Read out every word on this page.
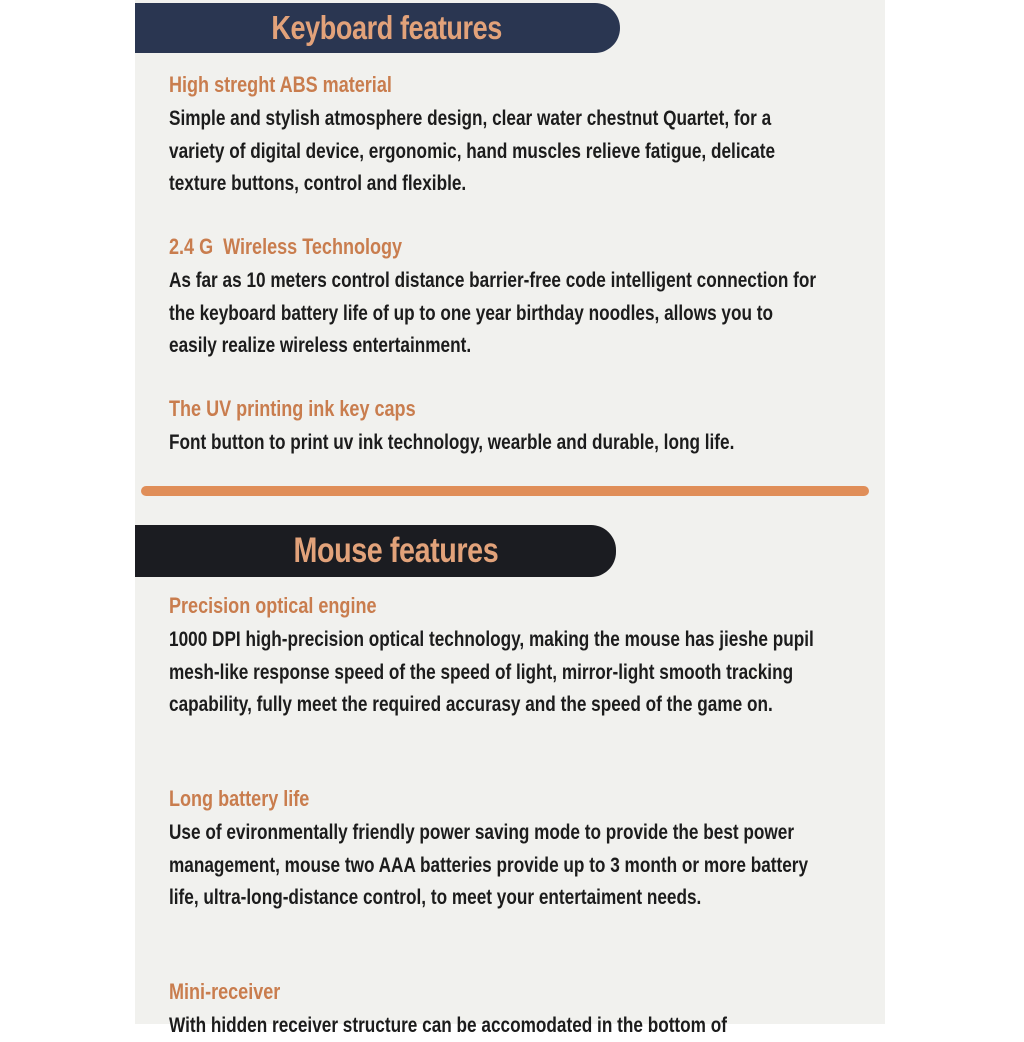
Keyboard features
High streght ABS material
Simple and stylish atmosphere design, clear water chestnut Quartet, for a variety of digital device, ergonomic, hand muscles relieve fatigue, delicate texture buttons, control and flexible.
2.4 G  Wireless Technology
As far as 10 meters control distance barrier-free code intelligent connection for the keyboard battery life of up to one year birthday noodles, allows you to easily realize wireless entertainment.
The UV printing ink key caps
Font button to print uv ink technology, wearble and durable, long life.
Mouse features
Precision optical engine
1000 DPI high-precision optical technology, making the mouse has jieshe pupil mesh-like response speed of the speed of light, mirror-light smooth tracking capability, fully meet the required accurasy and the speed of the game on.
Long battery life
Use of evironmentally friendly power saving mode to provide the best power management, mouse two AAA batteries provide up to 3 month or more battery life, ultra-long-distance control, to meet your entertaiment needs.
Mini-receiver
With hidden receiver structure can be accomodated in the bottom of
